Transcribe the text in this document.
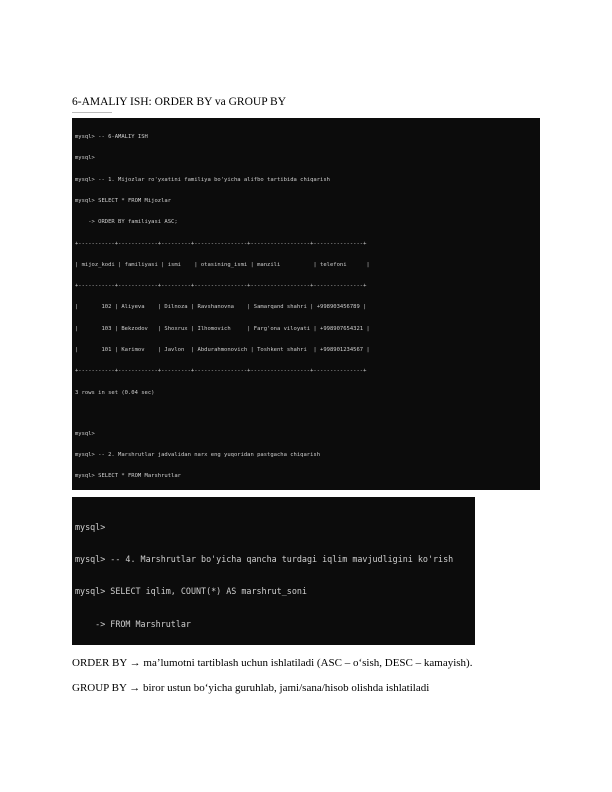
6-AMALIY ISH: ORDER BY va GROUP BY

mysql> -- 6-AMALIY ISH

mysql>

mysql> -- 1. Mijozlar ro'yxatini familiya bo'yicha alifbo tartibida chiqarish

mysql> SELECT * FROM Mijozlar

-> ORDER BY familiyasi ASC;

+-----------+------------+---------+----------------+------------------+---------------+

| mijoz_kodi | familiyasi | ismi    | otasining_ismi | manzili          | telefoni      |

+-----------+------------+---------+----------------+------------------+---------------+

|       102 | Aliyeva    | Dilnoza | Ravshanovna    | Samarqand shahri | +998903456789 |

|       103 | Bekzodov   | Shoxrux | Ilhomovich     | Farg'ona viloyati | +998907654321 |

|       101 | Karimov    | Javlon  | Abdurahmonovich | Toshkent shahri  | +998901234567 |

+-----------+------------+---------+----------------+------------------+---------------+

3 rows in set (0.04 sec)

mysql>

mysql> -- 2. Marshrutlar jadvalidan narx eng yuqoridan pastgacha chiqarish

mysql> SELECT * FROM Marshrutlar

mysql>

mysql> -- 4. Marshrutlar bo'yicha qancha turdagi iqlim mavjudligini ko'rish

mysql> SELECT iqlim, COUNT(*) AS marshrut_soni

-> FROM Marshrutlar

ORDER BY → ma’lumotni tartiblash uchun ishlatiladi (ASC – o‘sish, DESC – kamayish).
GROUP BY → biror ustun bo‘yicha guruhlab, jami/sana/hisob olishda ishlatiladi
